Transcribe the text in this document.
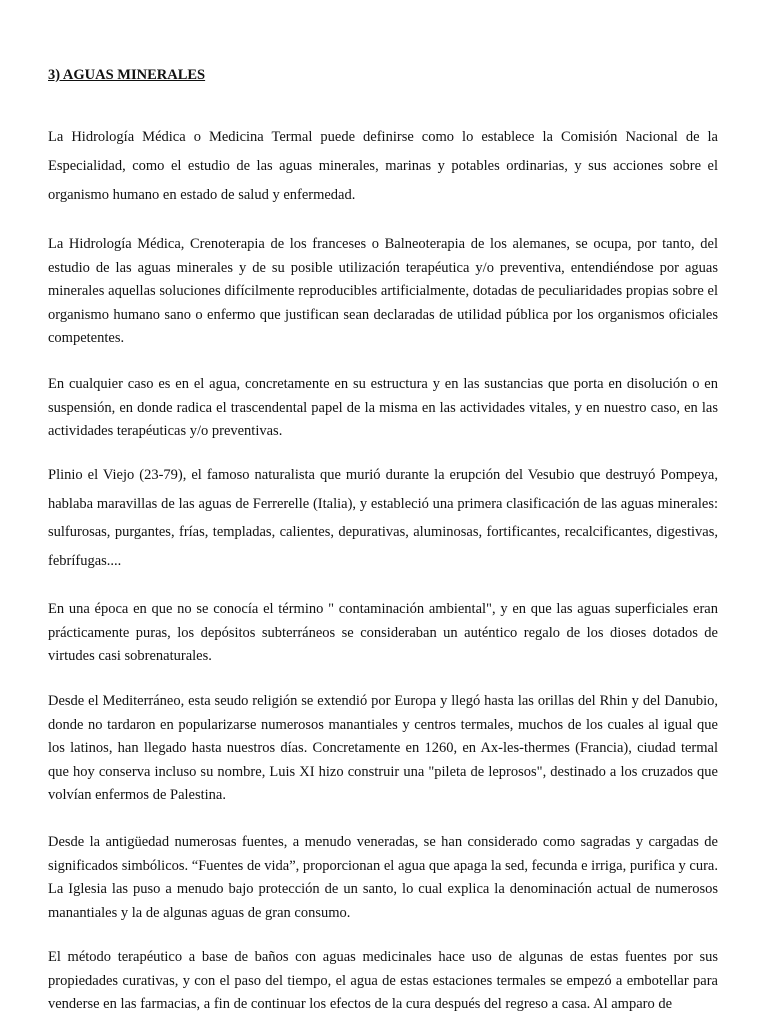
3) AGUAS MINERALES

La Hidrología Médica o Medicina Termal puede definirse como lo establece la Comisión Nacional de la Especialidad, como el estudio de las aguas minerales, marinas y potables ordinarias, y sus acciones sobre el organismo humano en estado de salud y enfermedad.

La Hidrología Médica, Crenoterapia de los franceses o Balneoterapia de los alemanes, se ocupa, por tanto, del estudio de las aguas minerales y de su posible utilización terapéutica y/o preventiva, entendiéndose por aguas minerales aquellas soluciones difícilmente reproducibles artificialmente, dotadas de peculiaridades propias sobre el organismo humano sano o enfermo que justifican sean declaradas de utilidad pública por los organismos oficiales competentes.

En cualquier caso es en el agua, concretamente en su estructura y en las sustancias que porta en disolución o en suspensión, en donde radica el trascendental papel de la misma en las actividades vitales, y en nuestro caso, en las actividades terapéuticas y/o preventivas.

Plinio el Viejo (23-79), el famoso naturalista que murió durante la erupción del Vesubio que destruyó Pompeya, hablaba maravillas de las aguas de Ferrerelle (Italia), y estableció una primera clasificación de las aguas minerales: sulfurosas, purgantes, frías, templadas, calientes, depurativas, aluminosas, fortificantes, recalcificantes, digestivas, febrífugas....

En una época en que no se conocía el término " contaminación ambiental", y en que las aguas superficiales eran prácticamente puras, los depósitos subterráneos se consideraban un auténtico regalo de los dioses dotados de virtudes casi sobrenaturales.

Desde el Mediterráneo, esta seudo religión se extendió por Europa y llegó hasta las orillas del Rhin y del Danubio, donde no tardaron en popularizarse numerosos manantiales y centros termales, muchos de los cuales al igual que los latinos, han llegado hasta nuestros días. Concretamente en 1260, en Ax-les-thermes (Francia), ciudad termal que hoy conserva incluso su nombre, Luis XI hizo construir una "pileta de leprosos", destinado a los cruzados que volvían enfermos de Palestina.

Desde la antigüedad numerosas fuentes, a menudo veneradas, se han considerado como sagradas y cargadas de significados simbólicos. “Fuentes de vida”, proporcionan el agua que apaga la sed, fecunda e irriga, purifica y cura. La Iglesia las puso a menudo bajo protección de un santo, lo cual explica la denominación actual de numerosos manantiales y la de algunas aguas de gran consumo.

El método terapéutico a base de baños con aguas medicinales hace uso de algunas de estas fuentes por sus propiedades curativas, y con el paso del tiempo, el agua de estas estaciones termales se empezó a embotellar para venderse en las farmacias, a fin de continuar los efectos de la cura después del regreso a casa. Al amparo de
